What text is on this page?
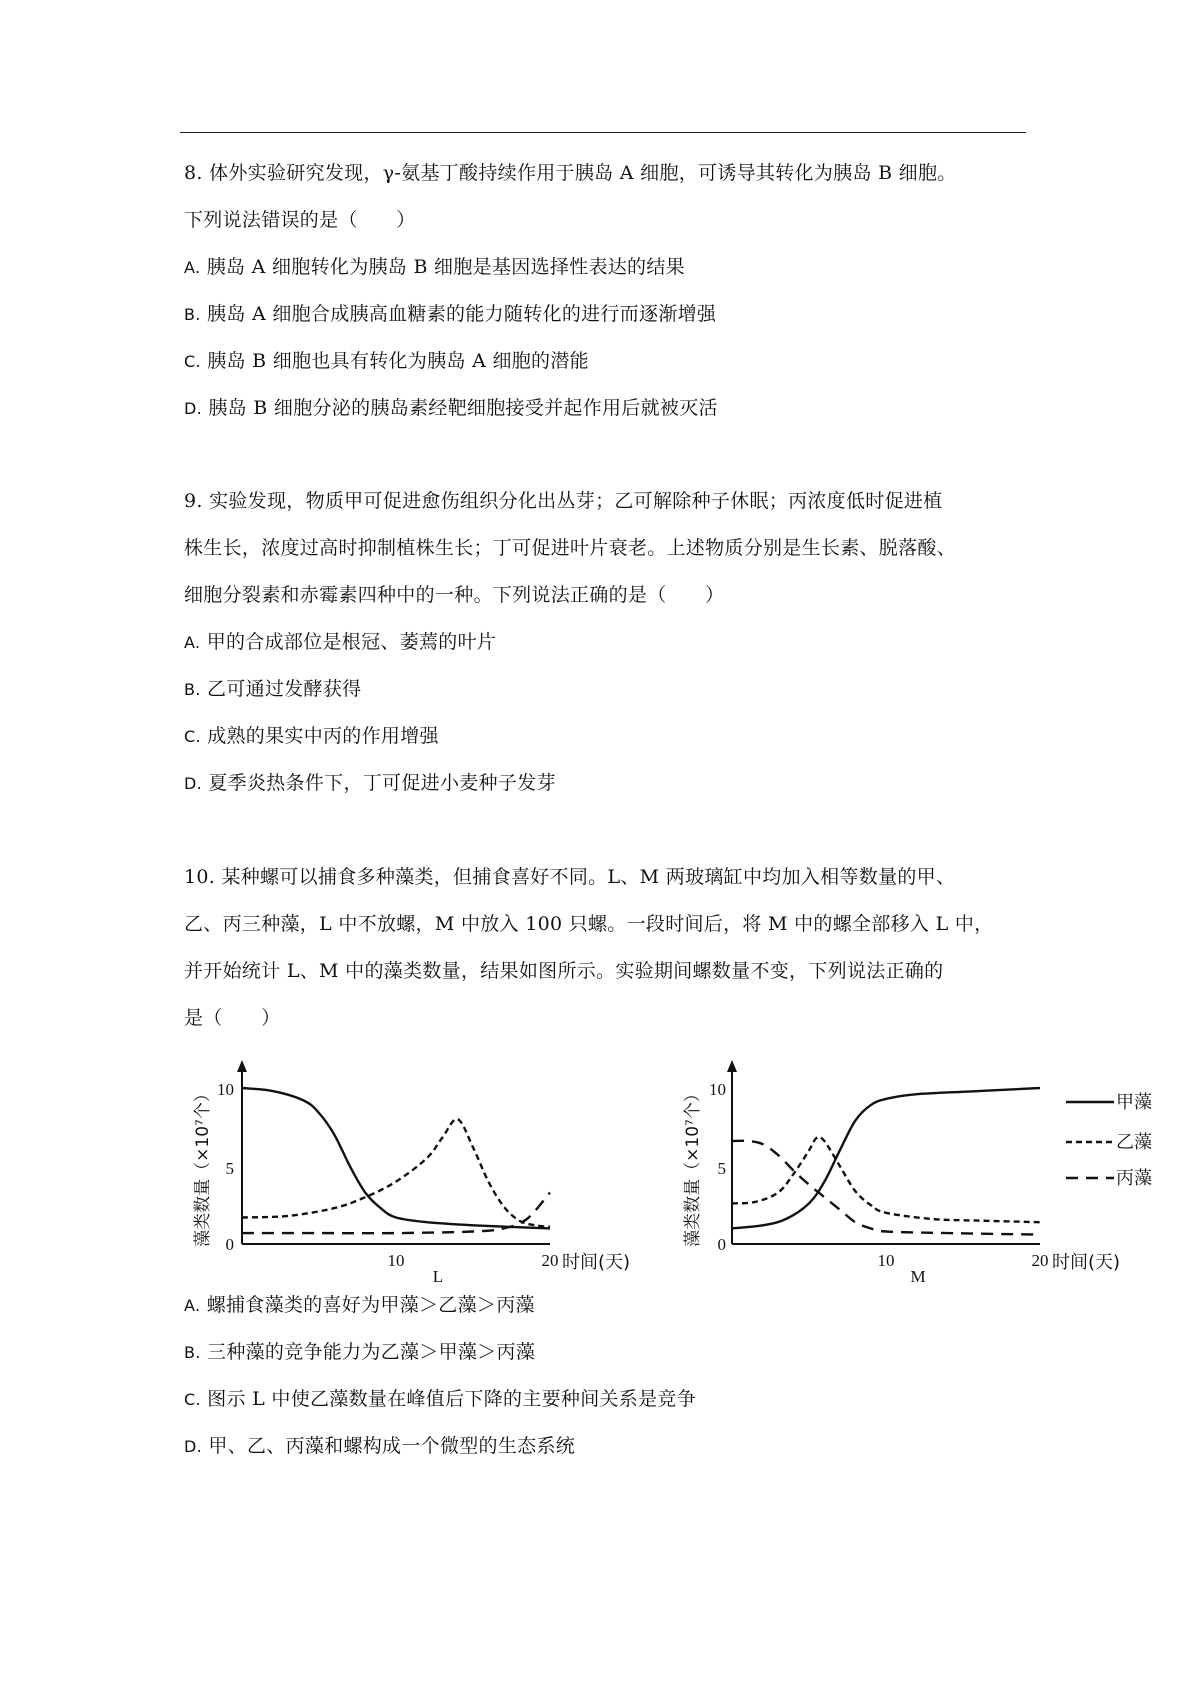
8. 体外实验研究发现，γ-氨基丁酸持续作用于胰岛 A 细胞，可诱导其转化为胰岛 B 细胞。
下列说法错误的是（　　）
A. 胰岛 A 细胞转化为胰岛 B 细胞是基因选择性表达的结果
B. 胰岛 A 细胞合成胰高血糖素的能力随转化的进行而逐渐增强
C. 胰岛 B 细胞也具有转化为胰岛 A 细胞的潜能
D. 胰岛 B 细胞分泌的胰岛素经靶细胞接受并起作用后就被灭活
9. 实验发现，物质甲可促进愈伤组织分化出丛芽；乙可解除种子休眠；丙浓度低时促进植
株生长，浓度过高时抑制植株生长；丁可促进叶片衰老。上述物质分别是生长素、脱落酸、
细胞分裂素和赤霉素四种中的一种。下列说法正确的是（　　）
A. 甲的合成部位是根冠、萎蔫的叶片
B. 乙可通过发酵获得
C. 成熟的果实中丙的作用增强
D. 夏季炎热条件下，丁可促进小麦种子发芽
10. 某种螺可以捕食多种藻类，但捕食喜好不同。L、M 两玻璃缸中均加入相等数量的甲、
乙、丙三种藻，L 中不放螺，M 中放入 100 只螺。一段时间后，将 M 中的螺全部移入 L 中，
并开始统计 L、M 中的藻类数量，结果如图所示。实验期间螺数量不变，下列说法正确的
是（　　）
藻类数量（×10⁷个） 10
5
0
10	20 时间(天)
L
藻类数量（×10⁷个） 10
5
0
10	20 时间(天)
M
甲藻
乙藻
丙藻
A. 螺捕食藻类的喜好为甲藻＞乙藻＞丙藻
B. 三种藻的竞争能力为乙藻＞甲藻＞丙藻
C. 图示 L 中使乙藻数量在峰值后下降的主要种间关系是竞争
D. 甲、乙、丙藻和螺构成一个微型的生态系统
